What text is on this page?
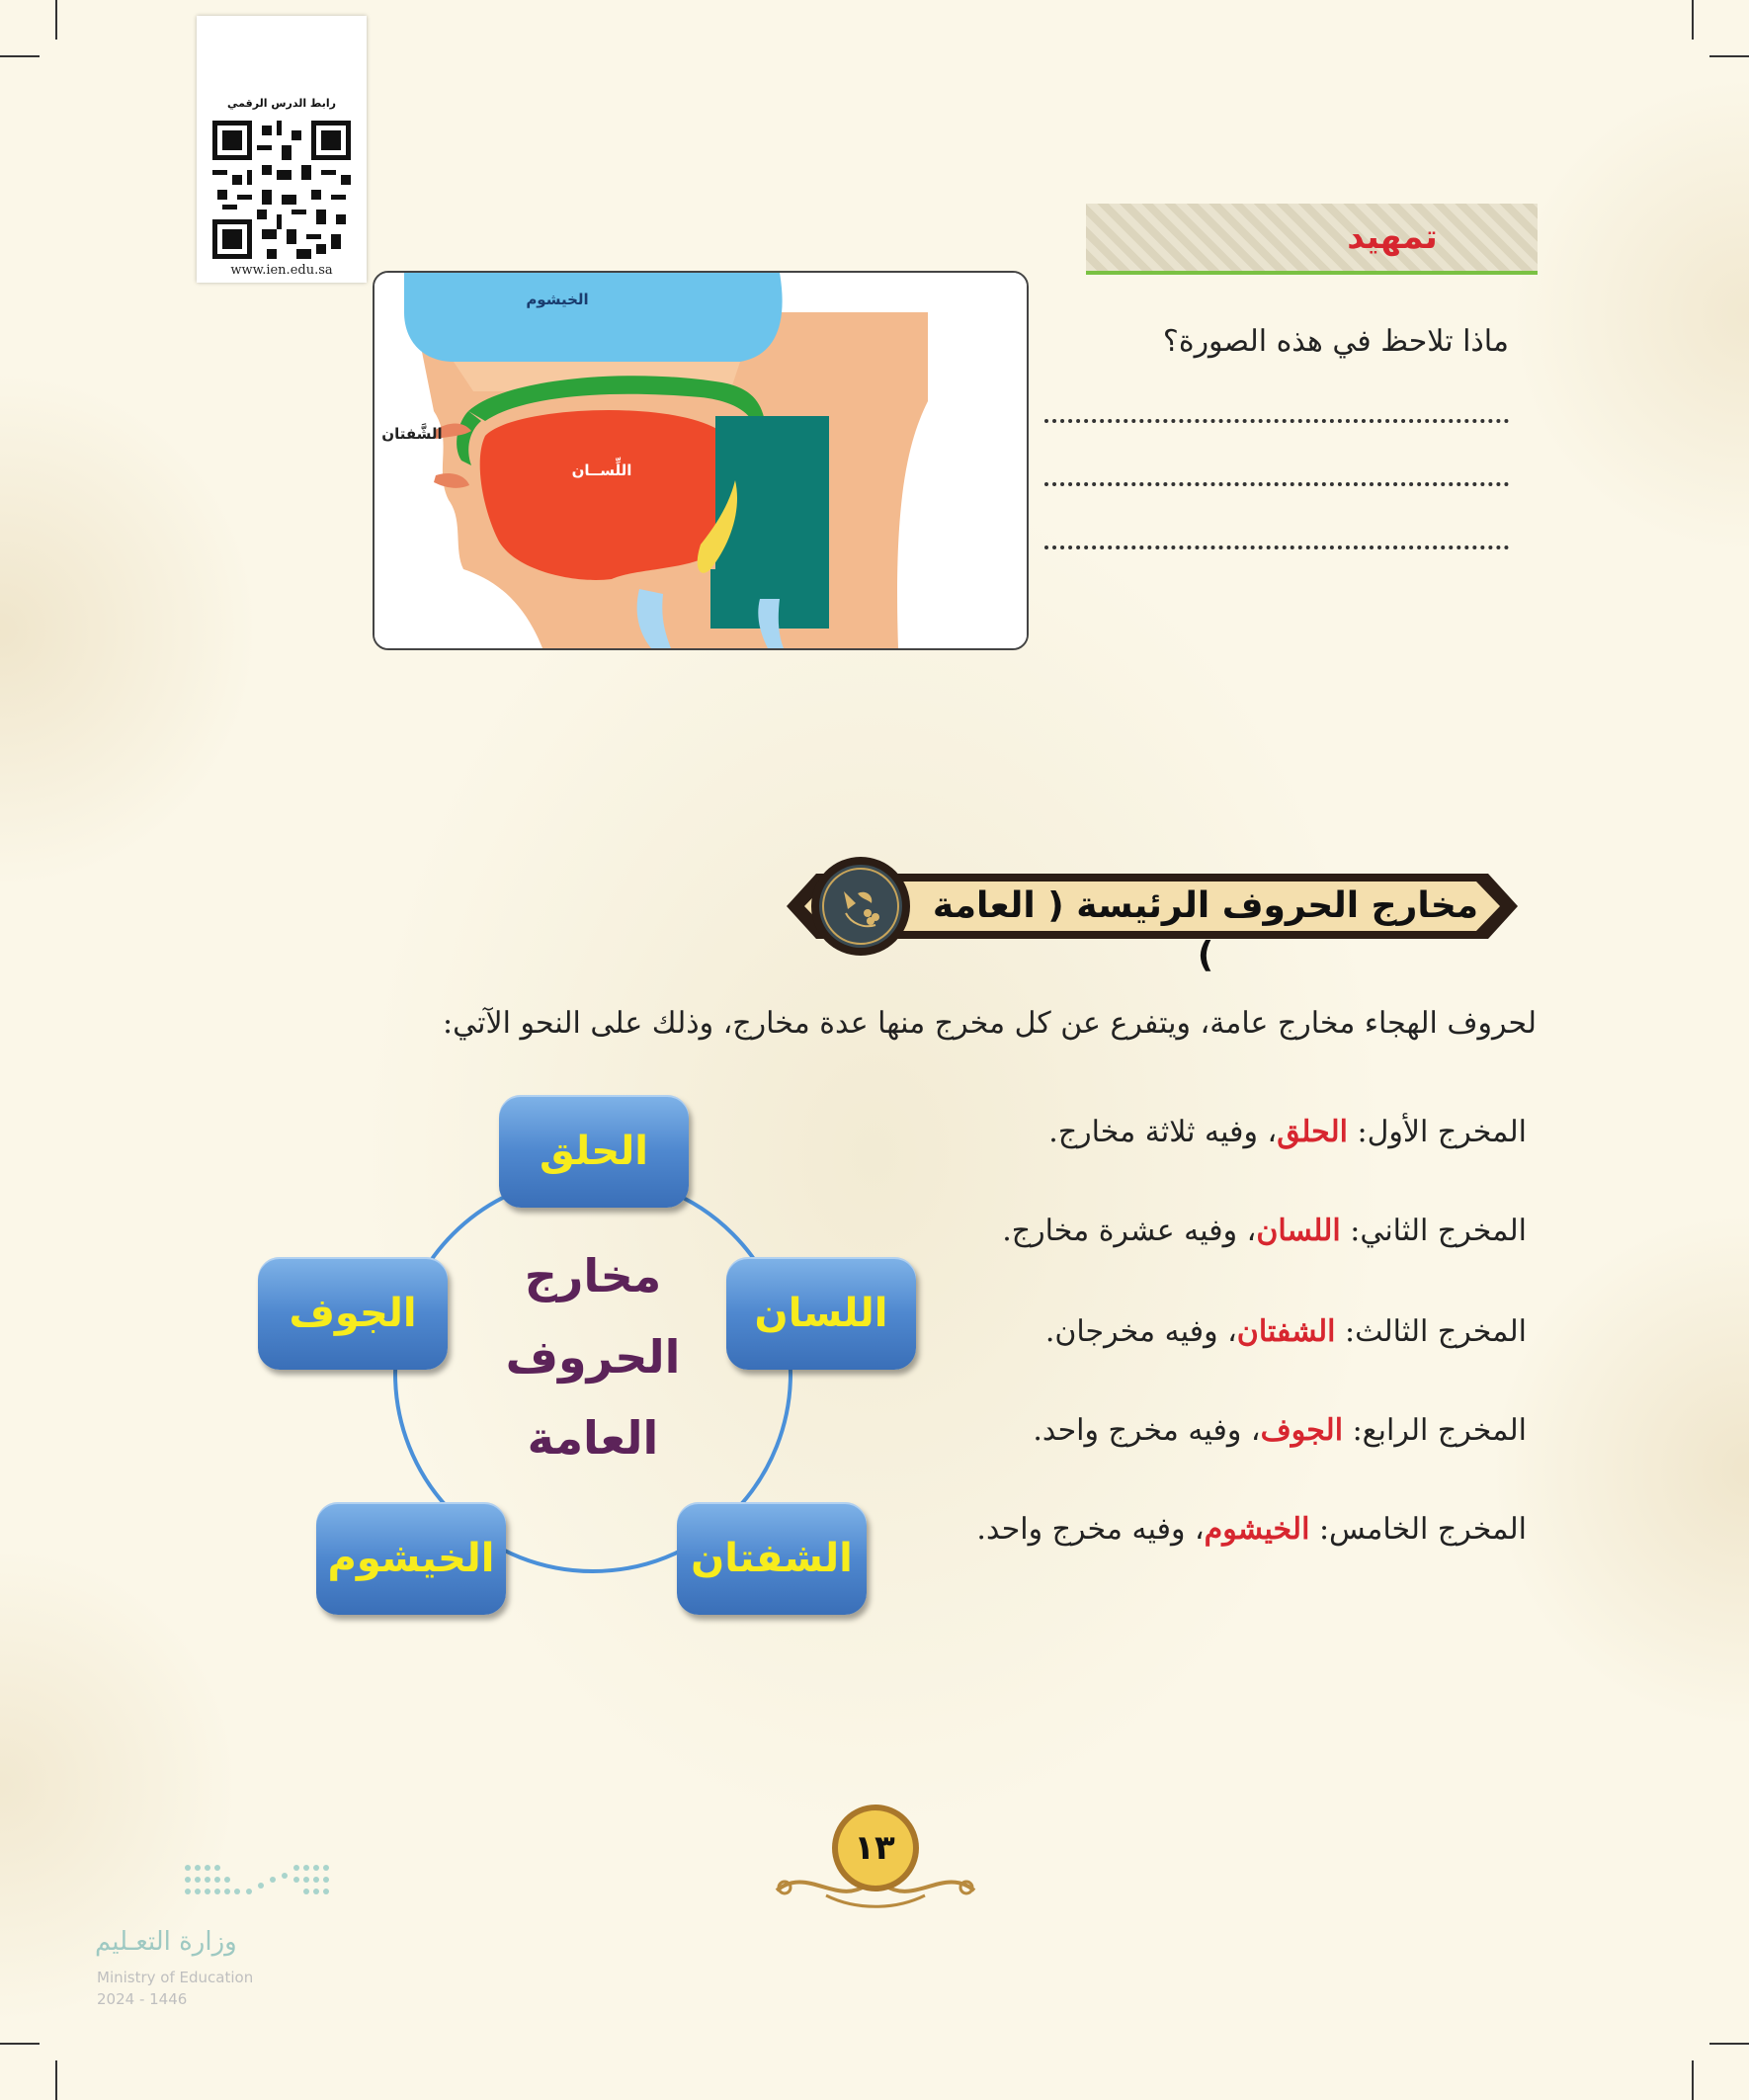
رابط الدرس الرقمي
www.ien.edu.sa
تمهيد
ماذا تلاحظ في هذه الصورة؟
الخيشوم
الشَّفتان
اللِّســان
مخارج الحروف الرئيسة ( العامة )
لحروف الهجاء مخارج عامة، ويتفرع عن كل مخرج منها عدة مخارج، وذلك على النحو الآتي:
المخرج الأول: الحلق، وفيه ثلاثة مخارج.
المخرج الثاني: اللسان، وفيه عشرة مخارج.
المخرج الثالث: الشفتان، وفيه مخرجان.
المخرج الرابع: الجوف، وفيه مخرج واحد.
المخرج الخامس: الخيشوم، وفيه مخرج واحد.
مخارج
الحروف
العامة
الحلق
اللسان
الشفتان
الخيشوم
الجوف
١٣
وزارة التعـليم
Ministry of Education
2024 - 1446
